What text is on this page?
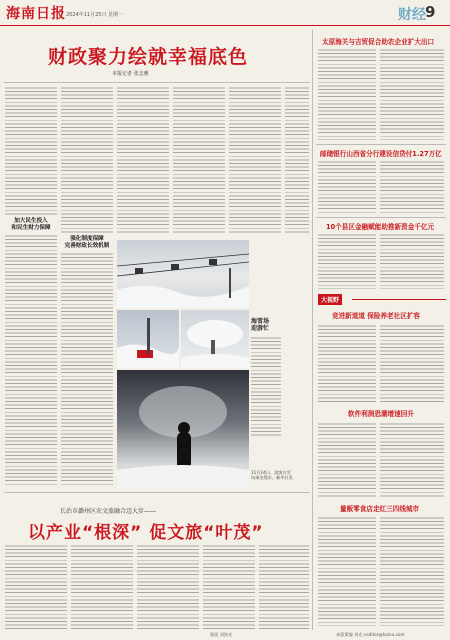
海南日报 2024年11月25日 星期一	财经 9
财政聚力绘就幸福底色
本报记者 张志雅
加大民生投入
和民生财力保障
强化制度保障
完善财政长效机制
海雪场
迎游忙
11月24日，游客在雪场乘坐缆车。新华社发
长治市潞州区农文旅融合迈大步——
以产业“根深” 促文旅“叶茂”
太原海关与吉贸促合助农企业扩大出口
邮储银行山西省分行建设信贷付1.27万亿
10个县区金融赋能助推新资金千亿元
大视野
竞进新道道 保险养老社区扩容
软件利润恐潮增速回升
量贩零食店走红三四线城市
版面 刘海光	本版策编 刘光 ceditor@hainu.com
